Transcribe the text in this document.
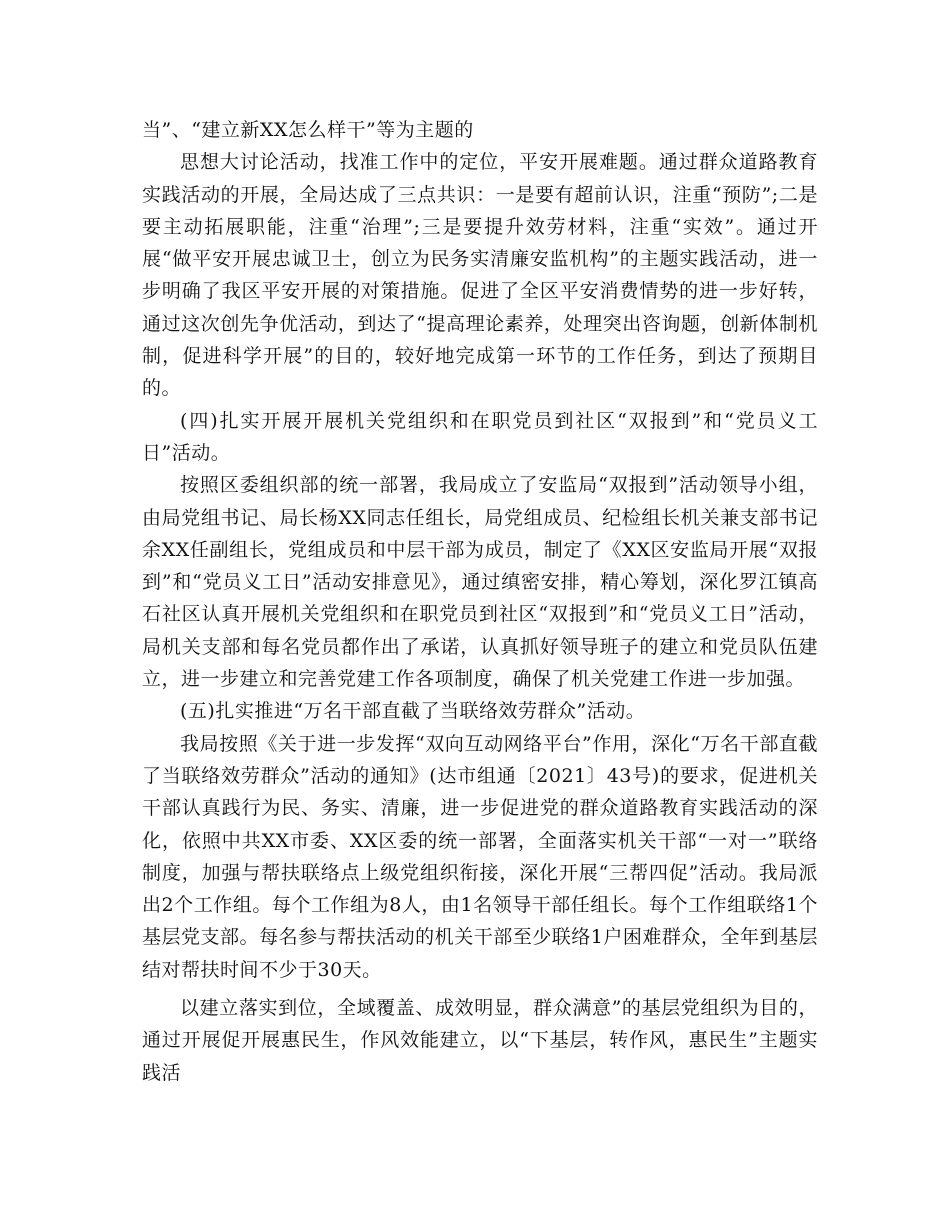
当”、“建立新XX怎么样干”等为主题的

思想大讨论活动，找准工作中的定位，平安开展难题。通过群众道路教育实践活动的开展，全局达成了三点共识：一是要有超前认识，注重“预防”;二是要主动拓展职能，注重“治理”;三是要提升效劳材料，注重“实效”。通过开展“做平安开展忠诚卫士，创立为民务实清廉安监机构”的主题实践活动，进一步明确了我区平安开展的对策措施。促进了全区平安消费情势的进一步好转，通过这次创先争优活动，到达了“提高理论素养，处理突出咨询题，创新体制机制，促进科学开展”的目的，较好地完成第一环节的工作任务，到达了预期目的。

(四)扎实开展开展机关党组织和在职党员到社区“双报到”和“党员义工日”活动。

按照区委组织部的统一部署，我局成立了安监局“双报到”活动领导小组，由局党组书记、局长杨XX同志任组长，局党组成员、纪检组长机关兼支部书记余XX任副组长，党组成员和中层干部为成员，制定了《XX区安监局开展“双报到”和“党员义工日”活动安排意见》，通过缜密安排，精心筹划，深化罗江镇高石社区认真开展机关党组织和在职党员到社区“双报到”和“党员义工日”活动，局机关支部和每名党员都作出了承诺，认真抓好领导班子的建立和党员队伍建立，进一步建立和完善党建工作各项制度，确保了机关党建工作进一步加强。

(五)扎实推进“万名干部直截了当联络效劳群众”活动。

我局按照《关于进一步发挥“双向互动网络平台”作用，深化“万名干部直截了当联络效劳群众”活动的通知》(达市组通〔2021〕43号)的要求，促进机关干部认真践行为民、务实、清廉，进一步促进党的群众道路教育实践活动的深化，依照中共XX市委、XX区委的统一部署，全面落实机关干部“一对一”联络制度，加强与帮扶联络点上级党组织衔接，深化开展“三帮四促”活动。我局派出2个工作组。每个工作组为8人，由1名领导干部任组长。每个工作组联络1个基层党支部。每名参与帮扶活动的机关干部至少联络1户困难群众，全年到基层结对帮扶时间不少于30天。

以建立落实到位，全域覆盖、成效明显，群众满意”的基层党组织为目的，通过开展促开展惠民生，作风效能建立，以“下基层，转作风，惠民生”主题实践活
